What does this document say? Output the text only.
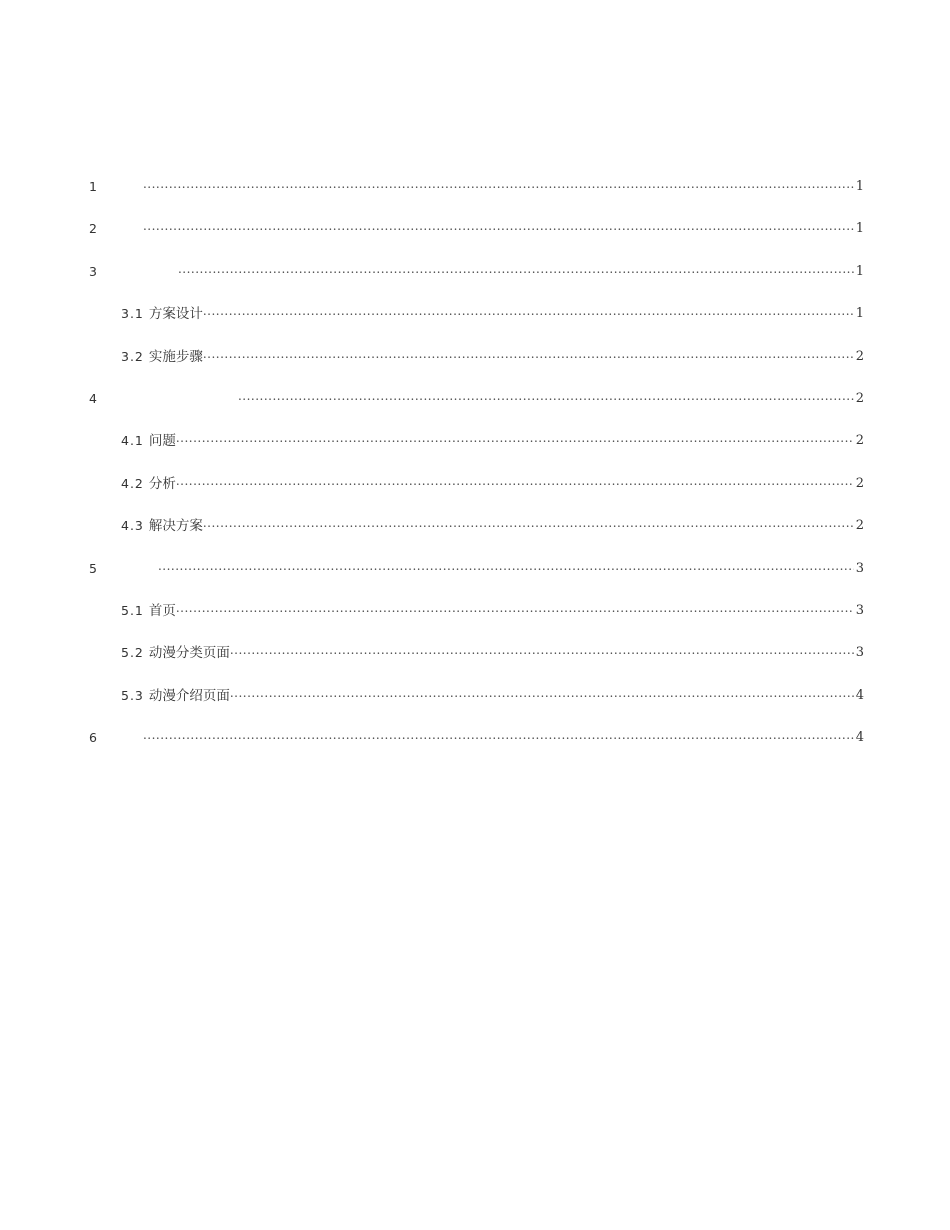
1 .....	1
2 .....	1
3 .....	1
3.1 方案设计 .....	1
3.2 实施步骤 .....	2
4 .....	2
4.1 问题 .....	2
4.2 分析 .....	2
4.3 解决方案 .....	2
5 .....	3
5.1 首页 .....	3
5.2 动漫分类页面 .....	3
5.3 动漫介绍页面 .....	4
6 .....	4
